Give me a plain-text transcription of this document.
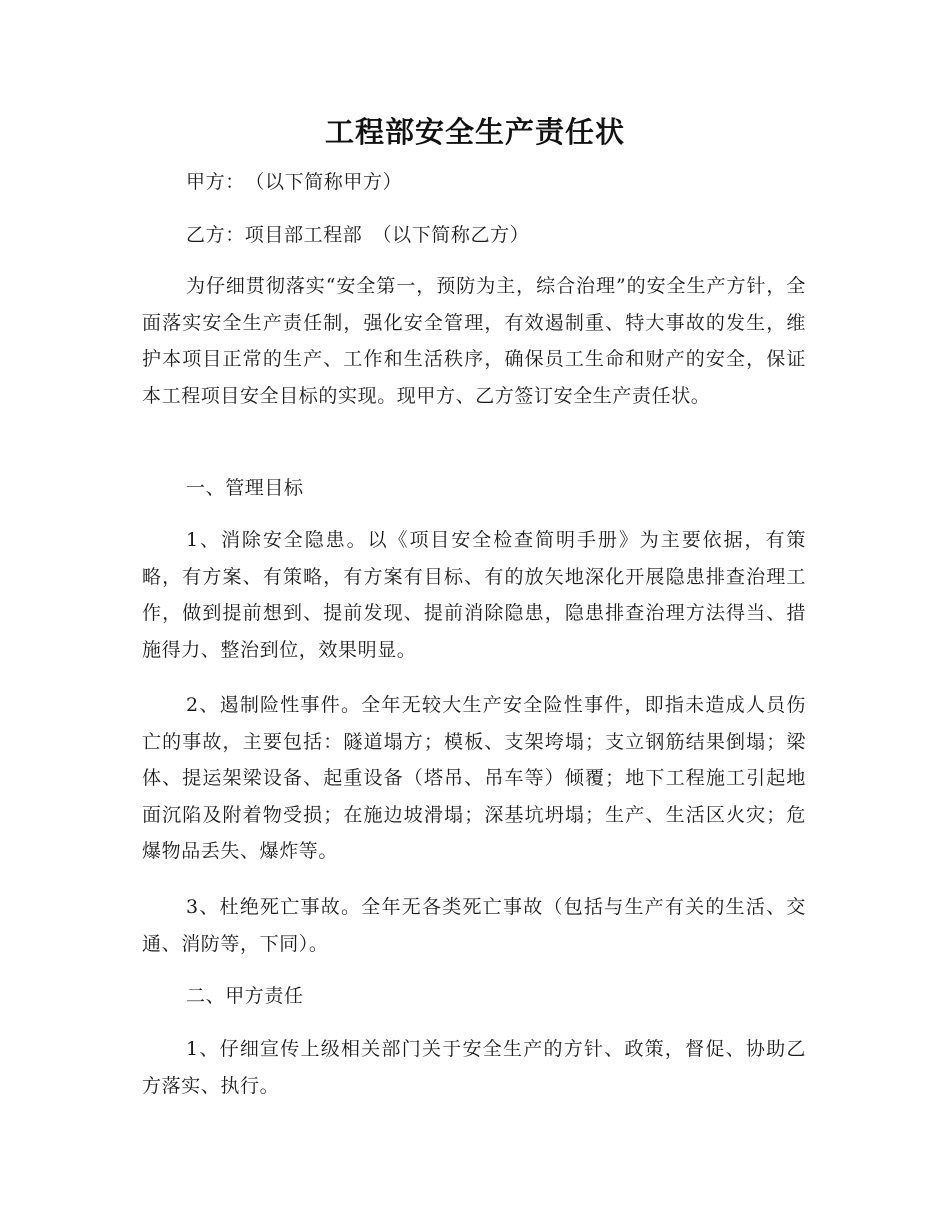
工程部安全生产责任状
甲方：　（以下简称甲方）
乙方：项目部工程部　（以下简称乙方）
为仔细贯彻落实“安全第一，预防为主，综合治理”的安全生产方针，全面落实安全生产责任制，强化安全管理，有效遏制重、特大事故的发生，维护本项目正常的生产、工作和生活秩序，确保员工生命和财产的安全，保证本工程项目安全目标的实现。现甲方、乙方签订安全生产责任状。
一、管理目标
1、消除安全隐患。以《项目安全检查简明手册》为主要依据，有策略，有方案、有策略，有方案有目标、有的放矢地深化开展隐患排查治理工作，做到提前想到、提前发现、提前消除隐患，隐患排查治理方法得当、措施得力、整治到位，效果明显。
2、遏制险性事件。全年无较大生产安全险性事件，即指未造成人员伤亡的事故，主要包括：隧道塌方；模板、支架垮塌；支立钢筋结果倒塌；梁体、提运架梁设备、起重设备（塔吊、吊车等）倾覆；地下工程施工引起地面沉陷及附着物受损；在施边坡滑塌；深基坑坍塌；生产、生活区火灾；危爆物品丢失、爆炸等。
3、杜绝死亡事故。全年无各类死亡事故（包括与生产有关的生活、交通、消防等，下同）。
二、甲方责任
1、仔细宣传上级相关部门关于安全生产的方针、政策，督促、协助乙方落实、执行。
